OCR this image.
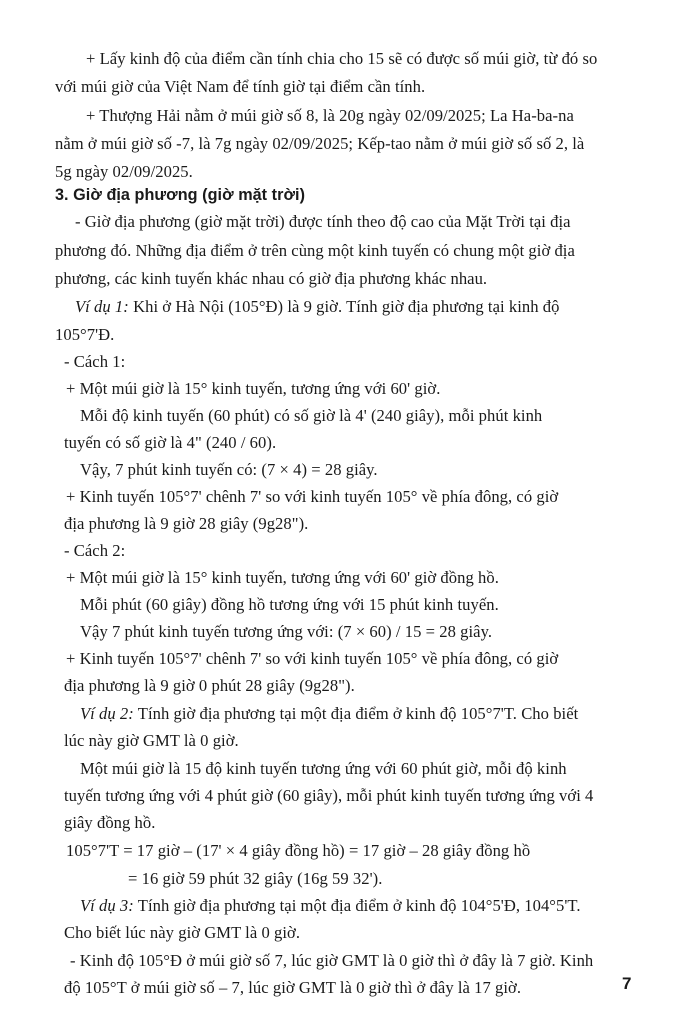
+ Lấy kinh độ của điểm cần tính chia cho 15 sẽ có được số múi giờ, từ đó so
với múi giờ của Việt Nam để tính giờ tại điểm cần tính.
+ Thượng Hải nằm ở múi giờ số 8, là 20g ngày 02/09/2025; La Ha-ba-na
nằm ở múi giờ số -7, là 7g ngày 02/09/2025; Kếp-tao nằm ở múi giờ số số 2, là
5g ngày 02/09/2025.
3. Giờ địa phương (giờ mặt trời)
- Giờ địa phương (giờ mặt trời) được tính theo độ cao của Mặt Trời tại địa
phương đó. Những địa điểm ở trên cùng một kinh tuyến có chung một giờ địa
phương, các kinh tuyến khác nhau có giờ địa phương khác nhau.
Ví dụ 1: Khi ở Hà Nội (105°Đ) là 9 giờ. Tính giờ địa phương tại kinh độ
105°7'Đ.
- Cách 1:
+ Một múi giờ là 15° kinh tuyến, tương ứng với 60' giờ.
Mỗi độ kinh tuyến (60 phút) có số giờ là 4' (240 giây), mỗi phút kinh
tuyến có số giờ là 4" (240 / 60).
Vậy, 7 phút kinh tuyến có: (7 × 4) = 28 giây.
+ Kinh tuyến 105°7' chênh 7' so với kinh tuyến 105° về phía đông, có giờ
địa phương là 9 giờ 28 giây (9g28").
- Cách 2:
+ Một múi giờ là 15° kinh tuyến, tương ứng với 60' giờ đồng hồ.
Mỗi phút (60 giây) đồng hồ tương ứng với 15 phút kinh tuyến.
Vậy 7 phút kinh tuyến tương ứng với: (7 × 60) / 15 = 28 giây.
+ Kinh tuyến 105°7' chênh 7' so với kinh tuyến 105° về phía đông, có giờ
địa phương là 9 giờ 0 phút 28 giây (9g28").
Ví dụ 2: Tính giờ địa phương tại một địa điểm ở kinh độ 105°7'T. Cho biết
lúc này giờ GMT là 0 giờ.
Một múi giờ là 15 độ kinh tuyến tương ứng với 60 phút giờ, mỗi độ kinh
tuyến tương ứng với 4 phút giờ (60 giây), mỗi phút kinh tuyến tương ứng với 4
giây đồng hồ.
105°7'T = 17 giờ – (17' × 4 giây đồng hồ) = 17 giờ – 28 giây đồng hồ
= 16 giờ 59 phút 32 giây (16g 59 32').
Ví dụ 3: Tính giờ địa phương tại một địa điểm ở kinh độ 104°5'Đ, 104°5'T.
Cho biết lúc này giờ GMT là 0 giờ.
- Kinh độ 105°Đ ở múi giờ số 7, lúc giờ GMT là 0 giờ thì ở đây là 7 giờ. Kinh
độ 105°T ở múi giờ số – 7, lúc giờ GMT là 0 giờ thì ở đây là 17 giờ.	7
